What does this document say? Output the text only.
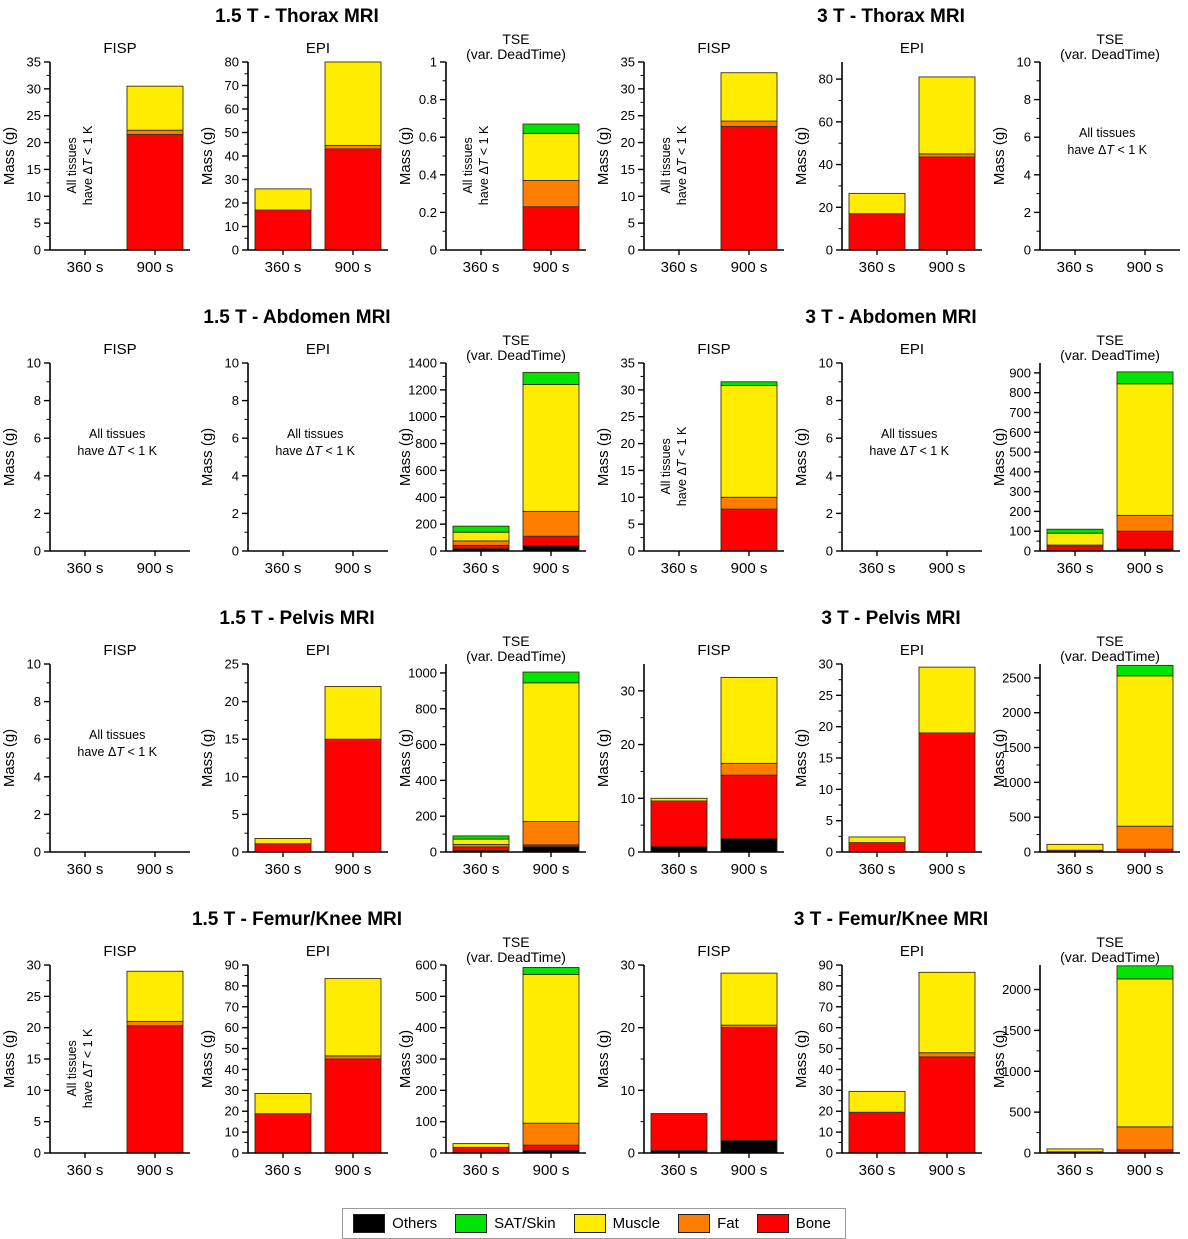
1.5 T - Thorax MRI
FISP
0
5
10
15
20
25
30
35
360 s 900 s
Mass (g)	All tissues have ΔT < 1 K
EPI
0
10
20
30
40
50
60
70
80
360 s 900 s
Mass (g)
TSE
(var. DeadTime)
0
0.2
0.4
0.6
0.8
1
360 s 900 s
Mass (g)	All tissues have ΔT < 1 K
3 T - Thorax MRI
FISP
0
5
10
15
20
25
30
35
360 s 900 s
Mass (g)	All tissues have ΔT < 1 K
EPI
0
20
40
60
80
360 s 900 s
Mass (g)
TSE
(var. DeadTime)
0
2
4
6
8
10
360 s 900 s
Mass (g)	All tissues
have ΔT < 1 K
1.5 T - Abdomen MRI
FISP
0
2
4
6
8
10
360 s 900 s
Mass (g)	All tissues
have ΔT < 1 K
EPI
0
2
4
6
8
10
360 s 900 s
Mass (g)	All tissues
have ΔT < 1 K
TSE
(var. DeadTime)
0
200
400
600
800
1000
1200
1400
360 s 900 s
Mass (g)
3 T - Abdomen MRI
FISP
0
5
10
15
20
25
30
35
360 s 900 s
Mass (g)	All tissues have ΔT < 1 K
EPI
0
2
4
6
8
10
360 s 900 s
Mass (g)	All tissues
have ΔT < 1 K
TSE
(var. DeadTime)
0
100
200
300
400
500
600
700
800
900
360 s 900 s
Mass (g)
1.5 T - Pelvis MRI
FISP
0
2
4
6
8
10
360 s 900 s
Mass (g)	All tissues
have ΔT < 1 K
EPI
0
5
10
15
20
25
360 s 900 s
Mass (g)
TSE
(var. DeadTime)
0
200
400
600
800
1000
360 s 900 s
Mass (g)
3 T - Pelvis MRI
FISP
0
10
20
30
360 s 900 s
Mass (g)
EPI
0
5
10
15
20
25
30
360 s 900 s
Mass (g)
TSE
(var. DeadTime)
0
500
1000
1500
2000
2500
360 s 900 s
Mass (g)
1.5 T - Femur/Knee MRI
FISP
0
5
10
15
20
25
30
360 s 900 s
Mass (g)	All tissues have ΔT < 1 K
EPI
0
10
20
30
40
50
60
70
80
90
360 s 900 s
Mass (g)
TSE
(var. DeadTime)
0
100
200
300
400
500
600
360 s 900 s
Mass (g)
3 T - Femur/Knee MRI
FISP
0
10
20
30
360 s 900 s
Mass (g)
EPI
0
10
20
30
40
50
60
70
80
90
360 s 900 s
Mass (g)
TSE
(var. DeadTime)
0
500
1000
1500
2000
360 s 900 s
Mass (g)
Others	SAT/Skin	Muscle	Fat	Bone
